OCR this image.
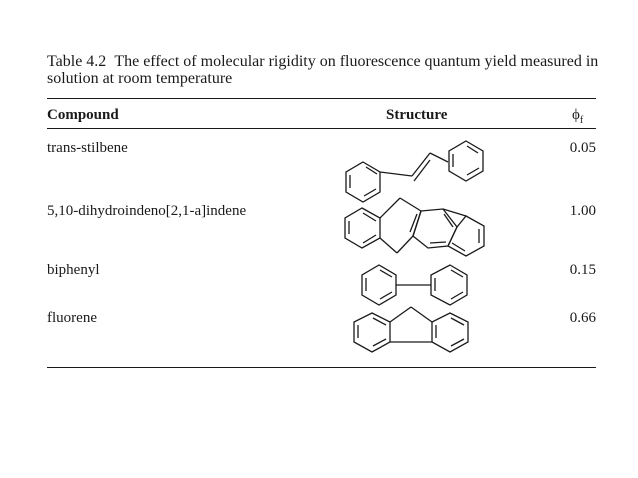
Table 4.2 The effect of molecular rigidity on fluorescence quantum yield measured in solution at room temperature
Compound	Structure	$\phi_f$
trans-stilbene	0.05
5,10-dihydroindeno[2,1-a]indene	1.00
biphenyl	0.15
fluorene	0.66
